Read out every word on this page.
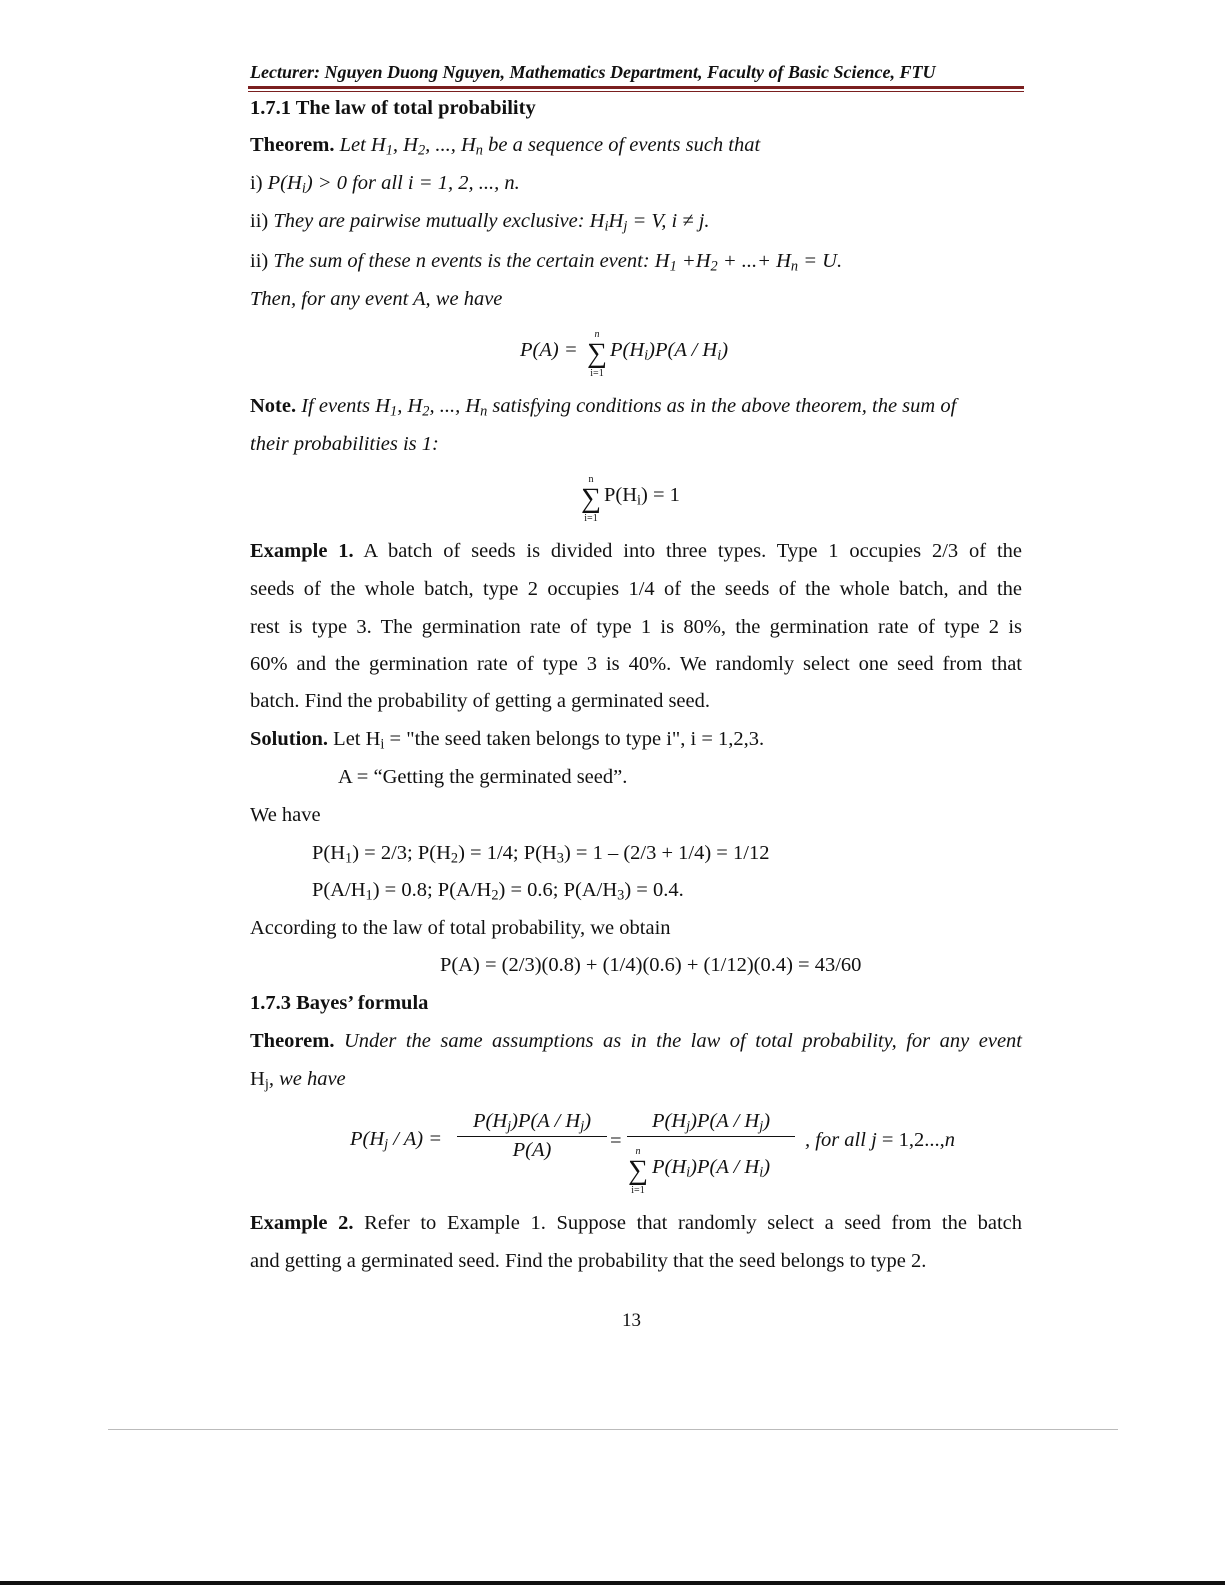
Lecturer: Nguyen Duong Nguyen, Mathematics Department, Faculty of Basic Science, FTU
1.7.1 The law of total probability
Theorem. Let $H_1$, $H_2$, ..., $H_n$ be a sequence of events such that
i) $P(H_i) > 0$ for all i = 1, 2, ..., n.
ii) They are pairwise mutually exclusive: $H_iH_j = V$, i ≠ j.
ii) The sum of these n events is the certain event: $H_1 +H_2$ + ...+ $H_n = U$.
Then, for any event A, we have
P(A) =
n
∑
i=1
$P(H_i)P(A / H_i)$
Note. If events $H_1$, $H_2$, ..., $H_n$ satisfying conditions as in the above theorem, the sum of
their probabilities is 1:
n
∑
i=1
$P(H_i) = 1$
Example 1. A batch of seeds is divided into three types. Type 1 occupies 2/3 of the
seeds of the whole batch, type 2 occupies 1/4 of the seeds of the whole batch, and the
rest is type 3. The germination rate of type 1 is 80%, the germination rate of type 2 is
60% and the germination rate of type 3 is 40%. We randomly select one seed from that
batch. Find the probability of getting a germinated seed.
Solution. Let $H_i$ = "the seed taken belongs to type i", i = 1,2,3.
A = “Getting the germinated seed”.
We have
$P(H_1) = 2/3$; $P(H_2) = 1/4$; $P(H_3) = 1 - (2/3 + 1/4) = 1/12$
$P(A/H_1) = 0.8$; $P(A/H_2) = 0.6$; $P(A/H_3) = 0.4$.
According to the law of total probability, we obtain
P(A) = (2/3)(0.8) + (1/4)(0.6) + (1/12)(0.4) = 43/60
1.7.3 Bayes’ formula
Theorem. Under the same assumptions as in the law of total probability, for any event
$H_j$, we have
$P(H_j / A)$ =
$P(H_j)P(A / H_j)$
P(A)	=
$P(H_j)P(A / H_j)$
n
∑
i=1
$P(H_i)P(A / H_i)$
, for all j = 1,2...,n
Example 2. Refer to Example 1. Suppose that randomly select a seed from the batch
and getting a germinated seed. Find the probability that the seed belongs to type 2.
13
